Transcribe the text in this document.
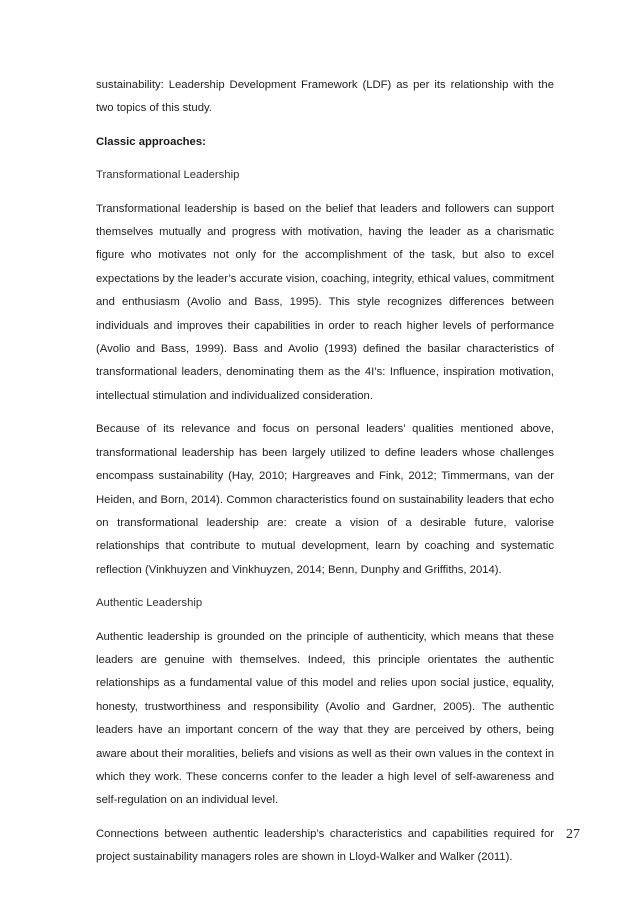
sustainability: Leadership Development Framework (LDF) as per its relationship with the two topics of this study.

Classic approaches:

Transformational Leadership

Transformational leadership is based on the belief that leaders and followers can support themselves mutually and progress with motivation, having the leader as a charismatic figure who motivates not only for the accomplishment of the task, but also to excel expectations by the leader’s accurate vision, coaching, integrity, ethical values, commitment and enthusiasm (Avolio and Bass, 1995). This style recognizes differences between individuals and improves their capabilities in order to reach higher levels of performance (Avolio and Bass, 1999). Bass and Avolio (1993) defined the basilar characteristics of transformational leaders, denominating them as the 4I’s: Influence, inspiration motivation, intellectual stimulation and individualized consideration.

Because of its relevance and focus on personal leaders’ qualities mentioned above, transformational leadership has been largely utilized to define leaders whose challenges encompass sustainability (Hay, 2010; Hargreaves and Fink, 2012; Timmermans, van der Heiden, and Born, 2014). Common characteristics found on sustainability leaders that echo on transformational leadership are: create a vision of a desirable future, valorise relationships that contribute to mutual development, learn by coaching and systematic reflection (Vinkhuyzen and Vinkhuyzen, 2014; Benn, Dunphy and Griffiths, 2014).

Authentic Leadership

Authentic leadership is grounded on the principle of authenticity, which means that these leaders are genuine with themselves. Indeed, this principle orientates the authentic relationships as a fundamental value of this model and relies upon social justice, equality, honesty, trustworthiness and responsibility (Avolio and Gardner, 2005). The authentic leaders have an important concern of the way that they are perceived by others, being aware about their moralities, beliefs and visions as well as their own values in the context in which they work. These concerns confer to the leader a high level of self-awareness and self-regulation on an individual level.

Connections between authentic leadership’s characteristics and capabilities required for project sustainability managers roles are shown in Lloyd-Walker and Walker (2011).

27
